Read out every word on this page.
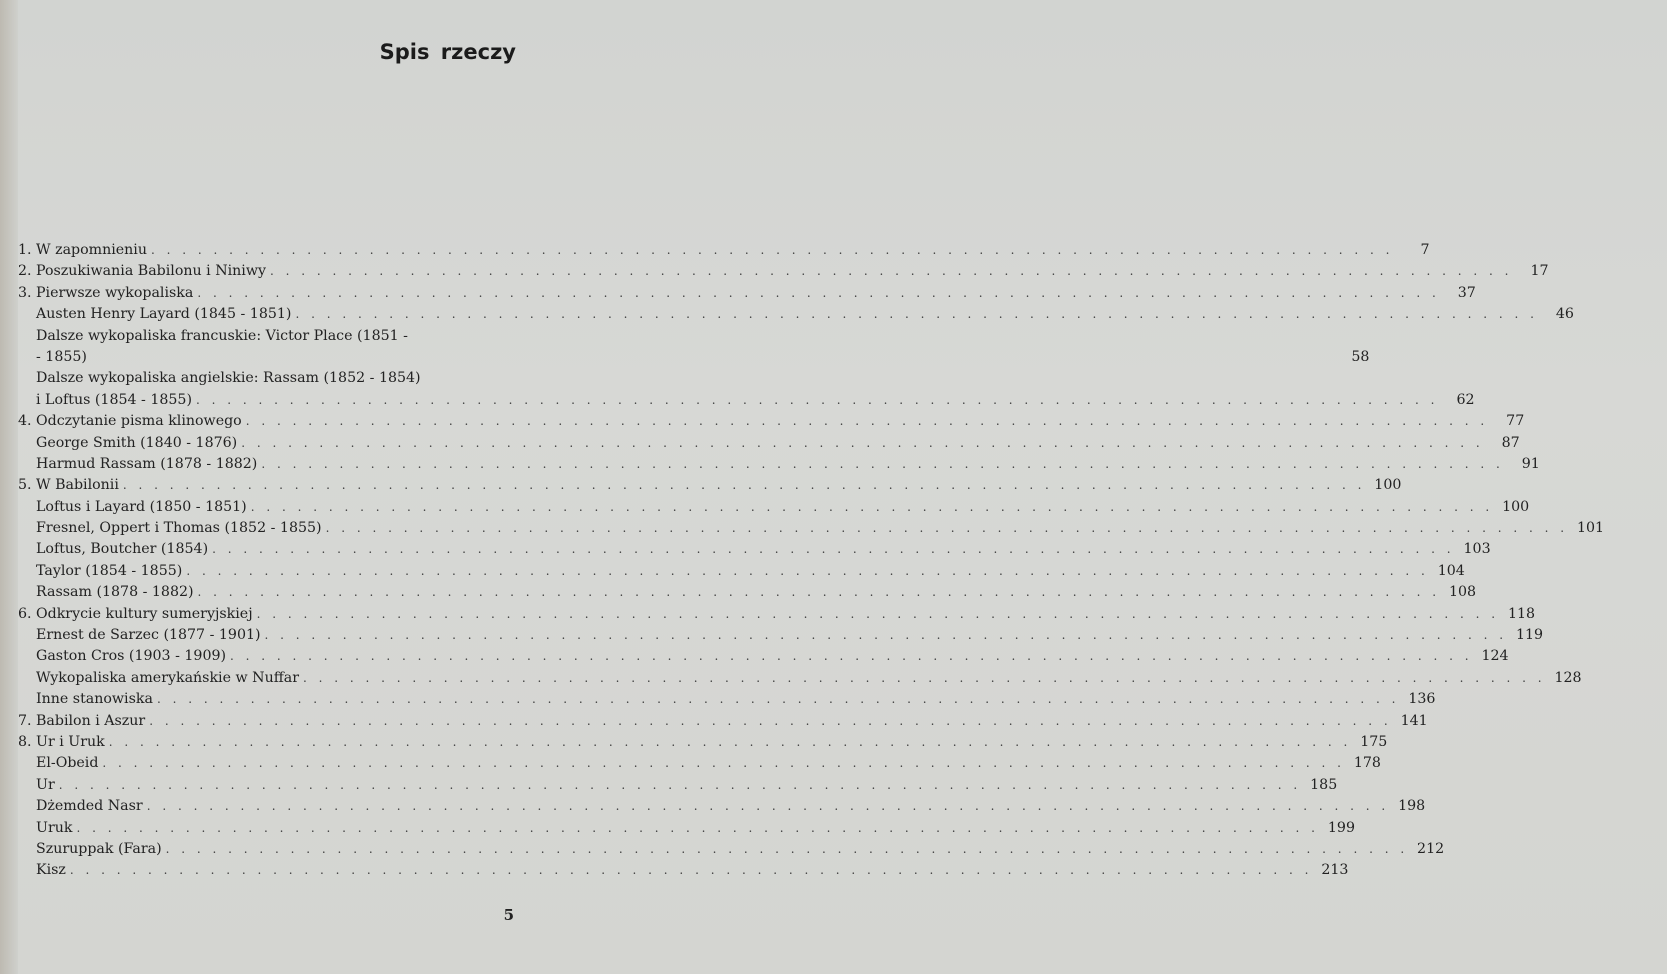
Spis rzeczy
1. W zapomnieniu . . . . . . . . . . . . . . . . . . . . . . . . . . . . . . . . . . . . . . . . . . . . . . . . . . . . . . . . . . . . . . . . . . . . . . . . . . . . . . . .	7
2. Poszukiwania Babilonu i Niniwy . . . . . . . . . . . . . . . . . . . . . . . . . . . . . . . . . . . . . . . . . . . . . . . . . . . . . . . . . . . . . . . . . . . . . . . . . . . . . . . .	17
3. Pierwsze wykopaliska . . . . . . . . . . . . . . . . . . . . . . . . . . . . . . . . . . . . . . . . . . . . . . . . . . . . . . . . . . . . . . . . . . . . . . . . . . . . . . . .	37
Austen Henry Layard (1845 - 1851) . . . . . . . . . . . . . . . . . . . . . . . . . . . . . . . . . . . . . . . . . . . . . . . . . . . . . . . . . . . . . . . . . . . . . . . . . . . . . . . .	46
Dalsze wykopaliska francuskie: Victor Place (1851 -
- 1855)	58
Dalsze wykopaliska angielskie: Rassam (1852 - 1854)
i Loftus (1854 - 1855) . . . . . . . . . . . . . . . . . . . . . . . . . . . . . . . . . . . . . . . . . . . . . . . . . . . . . . . . . . . . . . . . . . . . . . . . . . . . . . . .	62
4. Odczytanie pisma klinowego . . . . . . . . . . . . . . . . . . . . . . . . . . . . . . . . . . . . . . . . . . . . . . . . . . . . . . . . . . . . . . . . . . . . . . . . . . . . . . . .	77
George Smith (1840 - 1876) . . . . . . . . . . . . . . . . . . . . . . . . . . . . . . . . . . . . . . . . . . . . . . . . . . . . . . . . . . . . . . . . . . . . . . . . . . . . . . . .	87
Harmud Rassam (1878 - 1882) . . . . . . . . . . . . . . . . . . . . . . . . . . . . . . . . . . . . . . . . . . . . . . . . . . . . . . . . . . . . . . . . . . . . . . . . . . . . . . . .	91
5. W Babilonii . . . . . . . . . . . . . . . . . . . . . . . . . . . . . . . . . . . . . . . . . . . . . . . . . . . . . . . . . . . . . . . . . . . . . . . . . . . . . . . . 100
Loftus i Layard (1850 - 1851) . . . . . . . . . . . . . . . . . . . . . . . . . . . . . . . . . . . . . . . . . . . . . . . . . . . . . . . . . . . . . . . . . . . . . . . . . . . . . . . . 100
Fresnel, Oppert i Thomas (1852 - 1855) . . . . . . . . . . . . . . . . . . . . . . . . . . . . . . . . . . . . . . . . . . . . . . . . . . . . . . . . . . . . . . . . . . . . . . . . . . . . . . . . 101
Loftus, Boutcher (1854) . . . . . . . . . . . . . . . . . . . . . . . . . . . . . . . . . . . . . . . . . . . . . . . . . . . . . . . . . . . . . . . . . . . . . . . . . . . . . . . . 103
Taylor (1854 - 1855) . . . . . . . . . . . . . . . . . . . . . . . . . . . . . . . . . . . . . . . . . . . . . . . . . . . . . . . . . . . . . . . . . . . . . . . . . . . . . . . . 104
Rassam (1878 - 1882) . . . . . . . . . . . . . . . . . . . . . . . . . . . . . . . . . . . . . . . . . . . . . . . . . . . . . . . . . . . . . . . . . . . . . . . . . . . . . . . . 108
6. Odkrycie kultury sumeryjskiej . . . . . . . . . . . . . . . . . . . . . . . . . . . . . . . . . . . . . . . . . . . . . . . . . . . . . . . . . . . . . . . . . . . . . . . . . . . . . . . . 118
Ernest de Sarzec (1877 - 1901) . . . . . . . . . . . . . . . . . . . . . . . . . . . . . . . . . . . . . . . . . . . . . . . . . . . . . . . . . . . . . . . . . . . . . . . . . . . . . . . . 119
Gaston Cros (1903 - 1909) . . . . . . . . . . . . . . . . . . . . . . . . . . . . . . . . . . . . . . . . . . . . . . . . . . . . . . . . . . . . . . . . . . . . . . . . . . . . . . . . 124
Wykopaliska amerykańskie w Nuffar . . . . . . . . . . . . . . . . . . . . . . . . . . . . . . . . . . . . . . . . . . . . . . . . . . . . . . . . . . . . . . . . . . . . . . . . . . . . . . . . 128
Inne stanowiska . . . . . . . . . . . . . . . . . . . . . . . . . . . . . . . . . . . . . . . . . . . . . . . . . . . . . . . . . . . . . . . . . . . . . . . . . . . . . . . . 136
7. Babilon i Aszur . . . . . . . . . . . . . . . . . . . . . . . . . . . . . . . . . . . . . . . . . . . . . . . . . . . . . . . . . . . . . . . . . . . . . . . . . . . . . . . . 141
8. Ur i Uruk . . . . . . . . . . . . . . . . . . . . . . . . . . . . . . . . . . . . . . . . . . . . . . . . . . . . . . . . . . . . . . . . . . . . . . . . . . . . . . . . 175
El-Obeid . . . . . . . . . . . . . . . . . . . . . . . . . . . . . . . . . . . . . . . . . . . . . . . . . . . . . . . . . . . . . . . . . . . . . . . . . . . . . . . . 178
Ur . . . . . . . . . . . . . . . . . . . . . . . . . . . . . . . . . . . . . . . . . . . . . . . . . . . . . . . . . . . . . . . . . . . . . . . . . . . . . . . . 185
Dżemded Nasr . . . . . . . . . . . . . . . . . . . . . . . . . . . . . . . . . . . . . . . . . . . . . . . . . . . . . . . . . . . . . . . . . . . . . . . . . . . . . . . . 198
Uruk . . . . . . . . . . . . . . . . . . . . . . . . . . . . . . . . . . . . . . . . . . . . . . . . . . . . . . . . . . . . . . . . . . . . . . . . . . . . . . . . 199
Szuruppak (Fara) . . . . . . . . . . . . . . . . . . . . . . . . . . . . . . . . . . . . . . . . . . . . . . . . . . . . . . . . . . . . . . . . . . . . . . . . . . . . . . . . 212
Kisz . . . . . . . . . . . . . . . . . . . . . . . . . . . . . . . . . . . . . . . . . . . . . . . . . . . . . . . . . . . . . . . . . . . . . . . . . . . . . . . . 213
5
